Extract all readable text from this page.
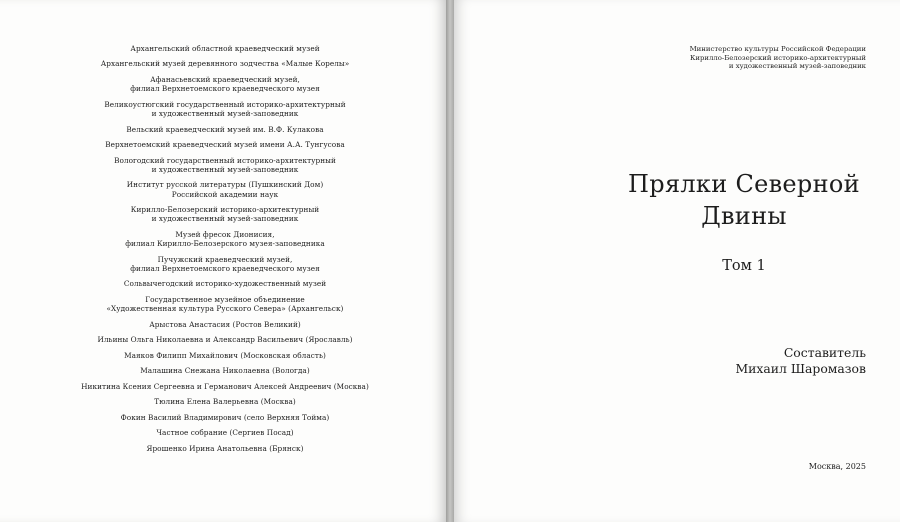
Архангельский областной краеведческий музей
Архангельский музей деревянного зодчества «Малые Корелы»
Афанасьевский краеведческий музей,
филиал Верхнетоемского краеведческого музея
Великоустюгский государственный историко-архитектурный
и художественный музей-заповедник
Вельский краеведческий музей им. В.Ф. Кулакова
Верхнетоемский краеведческий музей имени А.А. Тунгусова
Вологодский государственный историко-архитектурный
и художественный музей-заповедник
Институт русской литературы (Пушкинский Дом)
Российской академии наук
Кирилло-Белозерский историко-архитектурный
и художественный музей-заповедник
Музей фресок Дионисия,
филиал Кирилло-Белозерского музея-заповедника
Пучужский краеведческий музей,
филиал Верхнетоемского краеведческого музея
Сольвычегодский историко-художественный музей
Государственное музейное объединение
«Художественная культура Русского Севера» (Архангельск)
Арыстова Анастасия (Ростов Великий)
Ильины Ольга Николаевна и Александр Васильевич (Ярославль)
Маяков Филипп Михайлович (Московская область)
Малашина Снежана Николаевна (Вологда)
Никитина Ксения Сергеевна и Германович Алексей Андреевич (Москва)
Тюлина Елена Валерьевна (Москва)
Фокин Василий Владимирович (село Верхняя Тойма)
Частное собрание (Сергиев Посад)
Ярошенко Ирина Анатольевна (Брянск)
Министерство культуры Российской Федерации
Кирилло-Белозерский историко-архитектурный
и художественный музей-заповедник
Прялки Северной
Двины
Том 1
Составитель
Михаил Шаромазов
Москва, 2025
